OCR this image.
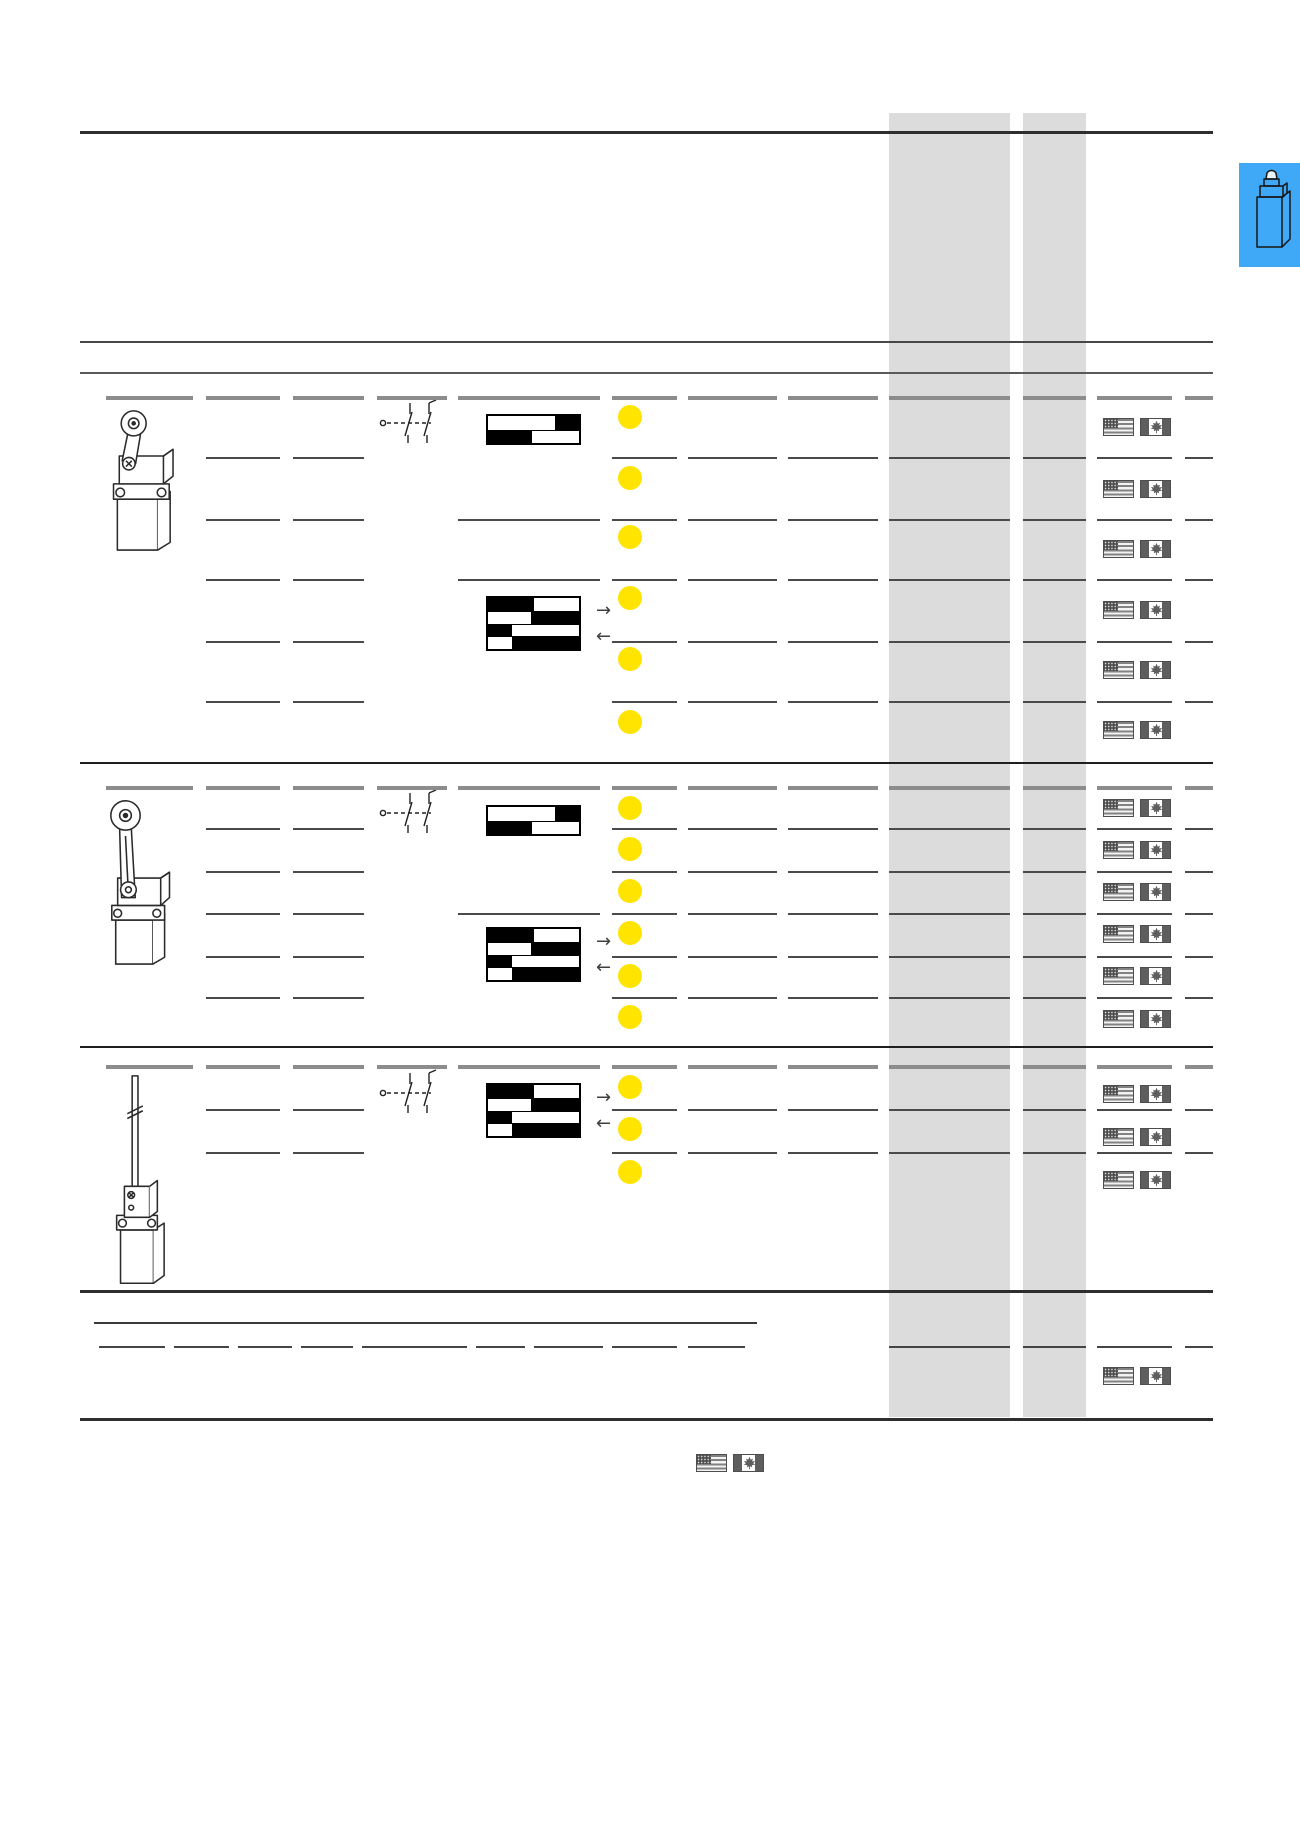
→
←
→
←
→
←
